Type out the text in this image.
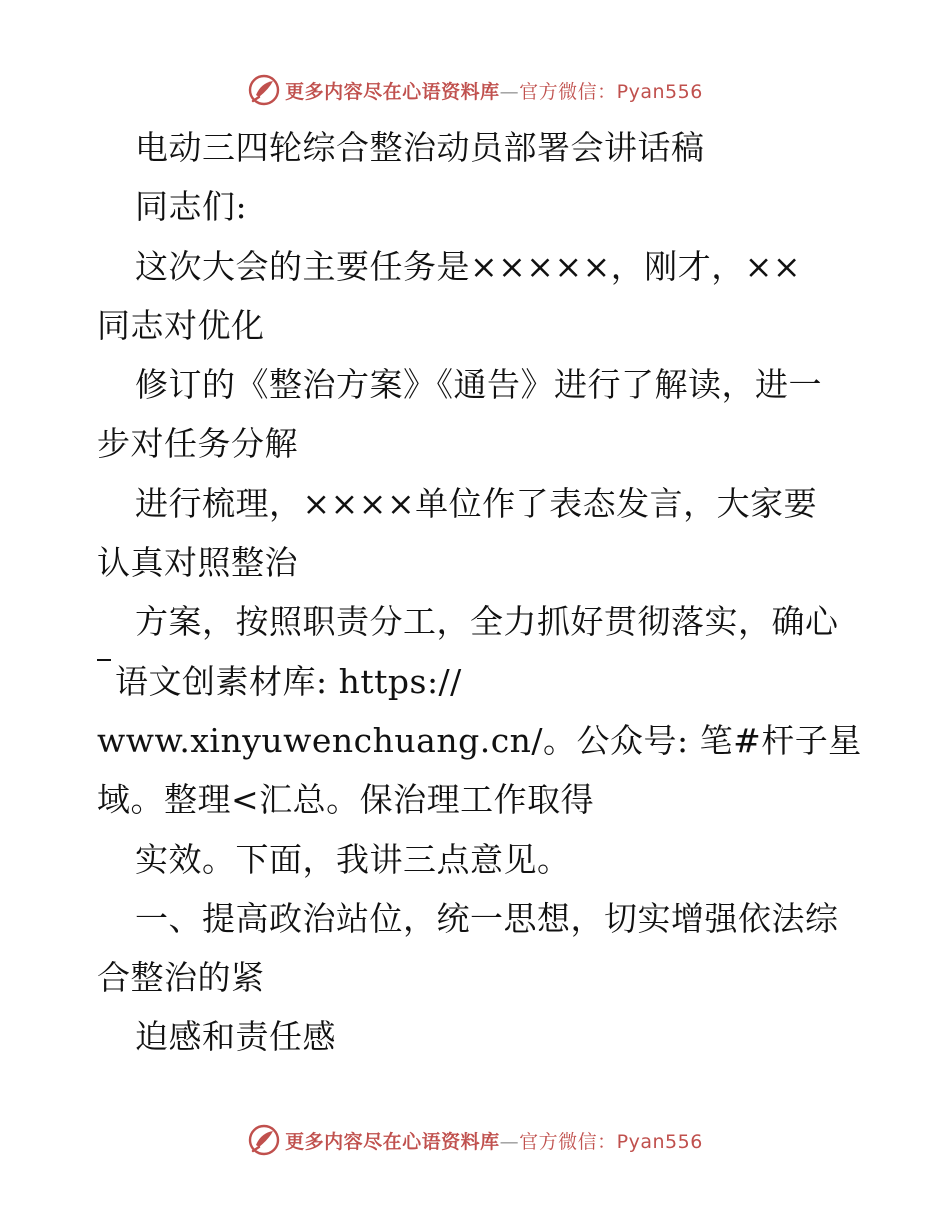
更多内容尽在心语资料库—官方微信：Pyan556
电动三四轮综合整治动员部署会讲话稿
同志们:
这次大会的主要任务是×××××，刚才，××
同志对优化
修订的《整治方案》《通告》进行了解读，进一
步对任务分解
进行梳理，××××单位作了表态发言，大家要
认真对照整治
方案，按照职责分工，全力抓好贯彻落实，确心
语文创素材库: https://
www.xinyuwenchuang.cn/。公众号: 笔#杆子星
域。整理<汇总。保治理工作取得
实效。下面，我讲三点意见。
一、提高政治站位，统一思想，切实增强依法综
合整治的紧
迫感和责任感
更多内容尽在心语资料库—官方微信：Pyan556
